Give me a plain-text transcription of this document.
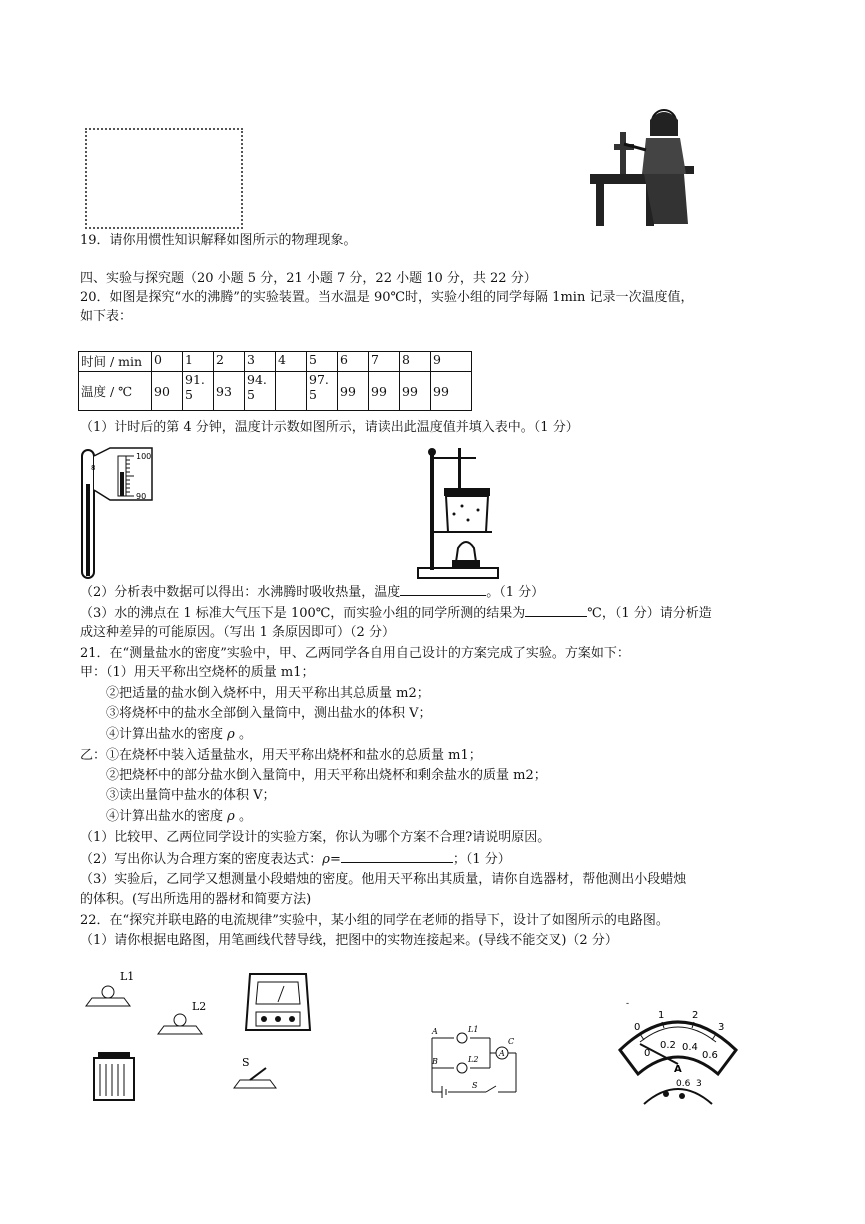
19．请你用惯性知识解释如图所示的物理现象。
四、实验与探究题（20 小题 5 分，21 小题 7 分，22 小题 10 分，共 22 分）
20．如图是探究“水的沸腾”的实验装置。当水温是 90℃时，实验小组的同学每隔 1min 记录一次温度值，
如下表：
时间 / min	0	1	2	3	4	5	6	7	8	9
温度 / ℃	90	91.5	93	94.5		97.5	99	99	99	99
（1）计时后的第 4 分钟，温度计示数如图所示，请读出此温度值并填入表中。（1 分）
100
90
8
（2）分析表中数据可以得出：水沸腾时吸收热量，温度	。（1 分）
（3）水的沸点在 1 标准大气压下是 100℃，而实验小组的同学所测的结果为	℃，（1 分）请分析造
成这种差异的可能原因。（写出 1 条原因即可）（2 分）
21．在“测量盐水的密度”实验中，甲、乙两同学各自用自己设计的方案完成了实验。方案如下：
甲：（1）用天平称出空烧杯的质量 m1；
②把适量的盐水倒入烧杯中，用天平称出其总质量 m2；
③将烧杯中的盐水全部倒入量筒中，测出盐水的体积 V；
④计算出盐水的密度 ρ 。
乙：①在烧杯中装入适量盐水，用天平称出烧杯和盐水的总质量 m1；
②把烧杯中的部分盐水倒入量筒中，用天平称出烧杯和剩余盐水的质量 m2；
③读出量筒中盐水的体积 V；
④计算出盐水的密度 ρ 。
（1）比较甲、乙两位同学设计的实验方案，你认为哪个方案不合理?请说明原因。
（2）写出你认为合理方案的密度表达式：ρ=	；（1 分）
（3）实验后，乙同学又想测量小段蜡烛的密度。他用天平称出其质量，请你自选器材，帮他测出小段蜡烛
的体积。(写出所选用的器材和简要方法)
22．在“探究并联电路的电流规律”实验中，某小组的同学在老师的指导下，设计了如图所示的电路图。
（1）请你根据电路图，用笔画线代替导线，把图中的实物连接起来。(导线不能交叉)（2 分）
L1
L2
S
A
B
C
L1
L2
S
A
-
0
1	2
3
0
0.2 0.4
0.6
A
0.6 3
